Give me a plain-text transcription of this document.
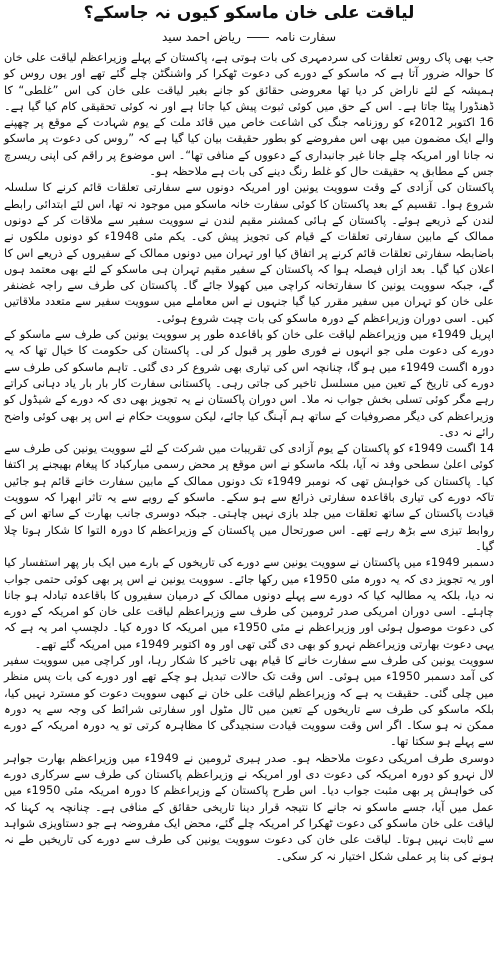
لیاقت علی خان ماسکو کیوں نہ جاسکے؟
سفارت نامہ
ریاض احمد سید

جب بھی پاک روس تعلقات کی سردمہری کی بات ہوتی ہے، پاکستان کے پہلے وزیراعظم لیاقت علی خان کا حوالہ ضرور آتا ہے کہ ماسکو کے دورے کی دعوت ٹھکرا کر واشنگٹن چلے گئے تھے اور یوں روس کو ہمیشہ کے لئے ناراض کر دیا تھا معروضی حقائق کو جانے بغیر لیاقت علی خان کی اس ”غلطی“ کا ڈھنڈورا پیٹا جاتا ہے۔ اس کے حق میں کوئی ثبوت پیش کیا جاتا ہے اور نہ کوئی تحقیقی کام کیا گیا ہے۔ 16 اکتوبر 2012ء کو روزنامہ جنگ کی اشاعت خاص میں قائد ملت کے یوم شہادت کے موقع پر چھپنے والے ایک مضمون میں بھی اس مفروضے کو بطور حقیقت بیان کیا گیا ہے کہ ”روس کی دعوت پر ماسکو نہ جانا اور امریکہ چلے جانا غیر جانبداری کے دعووں کے منافی تھا“۔ اس موضوع پر راقم کی اپنی ریسرچ جس کے مطابق یہ حقیقت حال کو غلط رنگ دینے کی بات ہے ملاحظہ ہو۔

پاکستان کی آزادی کے وقت سوویت یونین اور امریکہ دونوں سے سفارتی تعلقات قائم کرنے کا سلسلہ شروع ہوا۔ تقسیم کے بعد پاکستان کا کوئی سفارت خانہ ماسکو میں موجود نہ تھا، اس لئے ابتدائی رابطے لندن کے ذریعے ہوئے۔ پاکستان کے ہائی کمشنر مقیم لندن نے سوویت سفیر سے ملاقات کر کے دونوں ممالک کے مابین سفارتی تعلقات کے قیام کی تجویز پیش کی۔ یکم مئی 1948ء کو دونوں ملکوں نے باضابطہ سفارتی تعلقات قائم کرنے پر اتفاق کیا اور تہران میں دونوں ممالک کے سفیروں کے ذریعے اس کا اعلان کیا گیا۔ بعد ازاں فیصلہ ہوا کہ پاکستان کے سفیر مقیم تہران ہی ماسکو کے لئے بھی معتمد ہوں گے، جبکہ سوویت یونین کا سفارتخانہ کراچی میں کھولا جائے گا۔ پاکستان کی طرف سے راجہ غضنفر علی خان کو تہران میں سفیر مقرر کیا گیا جنہوں نے اس معاملے میں سوویت سفیر سے متعدد ملاقاتیں کیں۔ اسی دوران وزیراعظم کے دورہ ماسکو کی بات چیت شروع ہوئی۔

اپریل 1949ء میں وزیراعظم لیاقت علی خان کو باقاعدہ طور پر سوویت یونین کی طرف سے ماسکو کے دورے کی دعوت ملی جو انہوں نے فوری طور پر قبول کر لی۔ پاکستان کی حکومت کا خیال تھا کہ یہ دورہ اگست 1949ء میں ہو گا، چنانچہ اس کی تیاری بھی شروع کر دی گئی۔ تاہم ماسکو کی طرف سے دورے کی تاریخ کے تعین میں مسلسل تاخیر کی جاتی رہی۔ پاکستانی سفارت کار بار بار یاد دہانی کراتے رہے مگر کوئی تسلی بخش جواب نہ ملا۔ اس دوران پاکستان نے یہ تجویز بھی دی کہ دورے کے شیڈول کو وزیراعظم کی دیگر مصروفیات کے ساتھ ہم آہنگ کیا جائے، لیکن سوویت حکام نے اس پر بھی کوئی واضح رائے نہ دی۔

14 اگست 1949ء کو پاکستان کے یوم آزادی کی تقریبات میں شرکت کے لئے سوویت یونین کی طرف سے کوئی اعلیٰ سطحی وفد نہ آیا، بلکہ ماسکو نے اس موقع پر محض رسمی مبارکباد کا پیغام بھیجنے پر اکتفا کیا۔ پاکستان کی خواہش تھی کہ نومبر 1949ء تک دونوں ممالک کے مابین سفارت خانے قائم ہو جائیں تاکہ دورے کی تیاری باقاعدہ سفارتی ذرائع سے ہو سکے۔ ماسکو کے رویے سے یہ تاثر ابھرا کہ سوویت قیادت پاکستان کے ساتھ تعلقات میں جلد بازی نہیں چاہتی۔ جبکہ دوسری جانب بھارت کے ساتھ اس کے روابط تیزی سے بڑھ رہے تھے۔ اس صورتحال میں پاکستان کے وزیراعظم کا دورہ التوا کا شکار ہوتا چلا گیا۔

دسمبر 1949ء میں پاکستان نے سوویت یونین سے دورے کی تاریخوں کے بارے میں ایک بار پھر استفسار کیا اور یہ تجویز دی کہ یہ دورہ مئی 1950ء میں رکھا جائے۔ سوویت یونین نے اس پر بھی کوئی حتمی جواب نہ دیا، بلکہ یہ مطالبہ کیا کہ دورے سے پہلے دونوں ممالک کے درمیان سفیروں کا باقاعدہ تبادلہ ہو جانا چاہئے۔ اسی دوران امریکی صدر ٹرومین کی طرف سے وزیراعظم لیاقت علی خان کو امریکہ کے دورے کی دعوت موصول ہوئی اور وزیراعظم نے مئی 1950ء میں امریکہ کا دورہ کیا۔ دلچسپ امر یہ ہے کہ یہی دعوت بھارتی وزیراعظم نہرو کو بھی دی گئی تھی اور وہ اکتوبر 1949ء میں امریکہ گئے تھے۔

سوویت یونین کی طرف سے سفارت خانے کا قیام بھی تاخیر کا شکار رہا، اور کراچی میں سوویت سفیر کی آمد دسمبر 1950ء میں ہوئی۔ اس وقت تک حالات تبدیل ہو چکے تھے اور دورے کی بات پس منظر میں چلی گئی۔ حقیقت یہ ہے کہ وزیراعظم لیاقت علی خان نے کبھی سوویت دعوت کو مسترد نہیں کیا، بلکہ ماسکو کی طرف سے تاریخوں کے تعین میں ٹال مٹول اور سفارتی شرائط کی وجہ سے یہ دورہ ممکن نہ ہو سکا۔ اگر اس وقت سوویت قیادت سنجیدگی کا مظاہرہ کرتی تو یہ دورہ امریکہ کے دورے سے پہلے ہو سکتا تھا۔

دوسری طرف امریکی دعوت ملاحظہ ہو۔ صدر ہیری ٹرومین نے 1949ء میں وزیراعظم بھارت جواہر لال نہرو کو دورہ امریکہ کی دعوت دی اور امریکہ نے وزیراعظم پاکستان کی طرف سے سرکاری دورے کی خواہش پر بھی مثبت جواب دیا۔ اس طرح پاکستان کے وزیراعظم کا دورہ امریکہ مئی 1950ء میں عمل میں آیا، جسے ماسکو نہ جانے کا نتیجہ قرار دینا تاریخی حقائق کے منافی ہے۔ چنانچہ یہ کہنا کہ لیاقت علی خان ماسکو کی دعوت ٹھکرا کر امریکہ چلے گئے، محض ایک مفروضہ ہے جو دستاویزی شواہد سے ثابت نہیں ہوتا۔ لیاقت علی خان کی دعوت سوویت یونین کی طرف سے دورے کی تاریخیں طے نہ ہونے کی بنا پر عملی شکل اختیار نہ کر سکی۔
